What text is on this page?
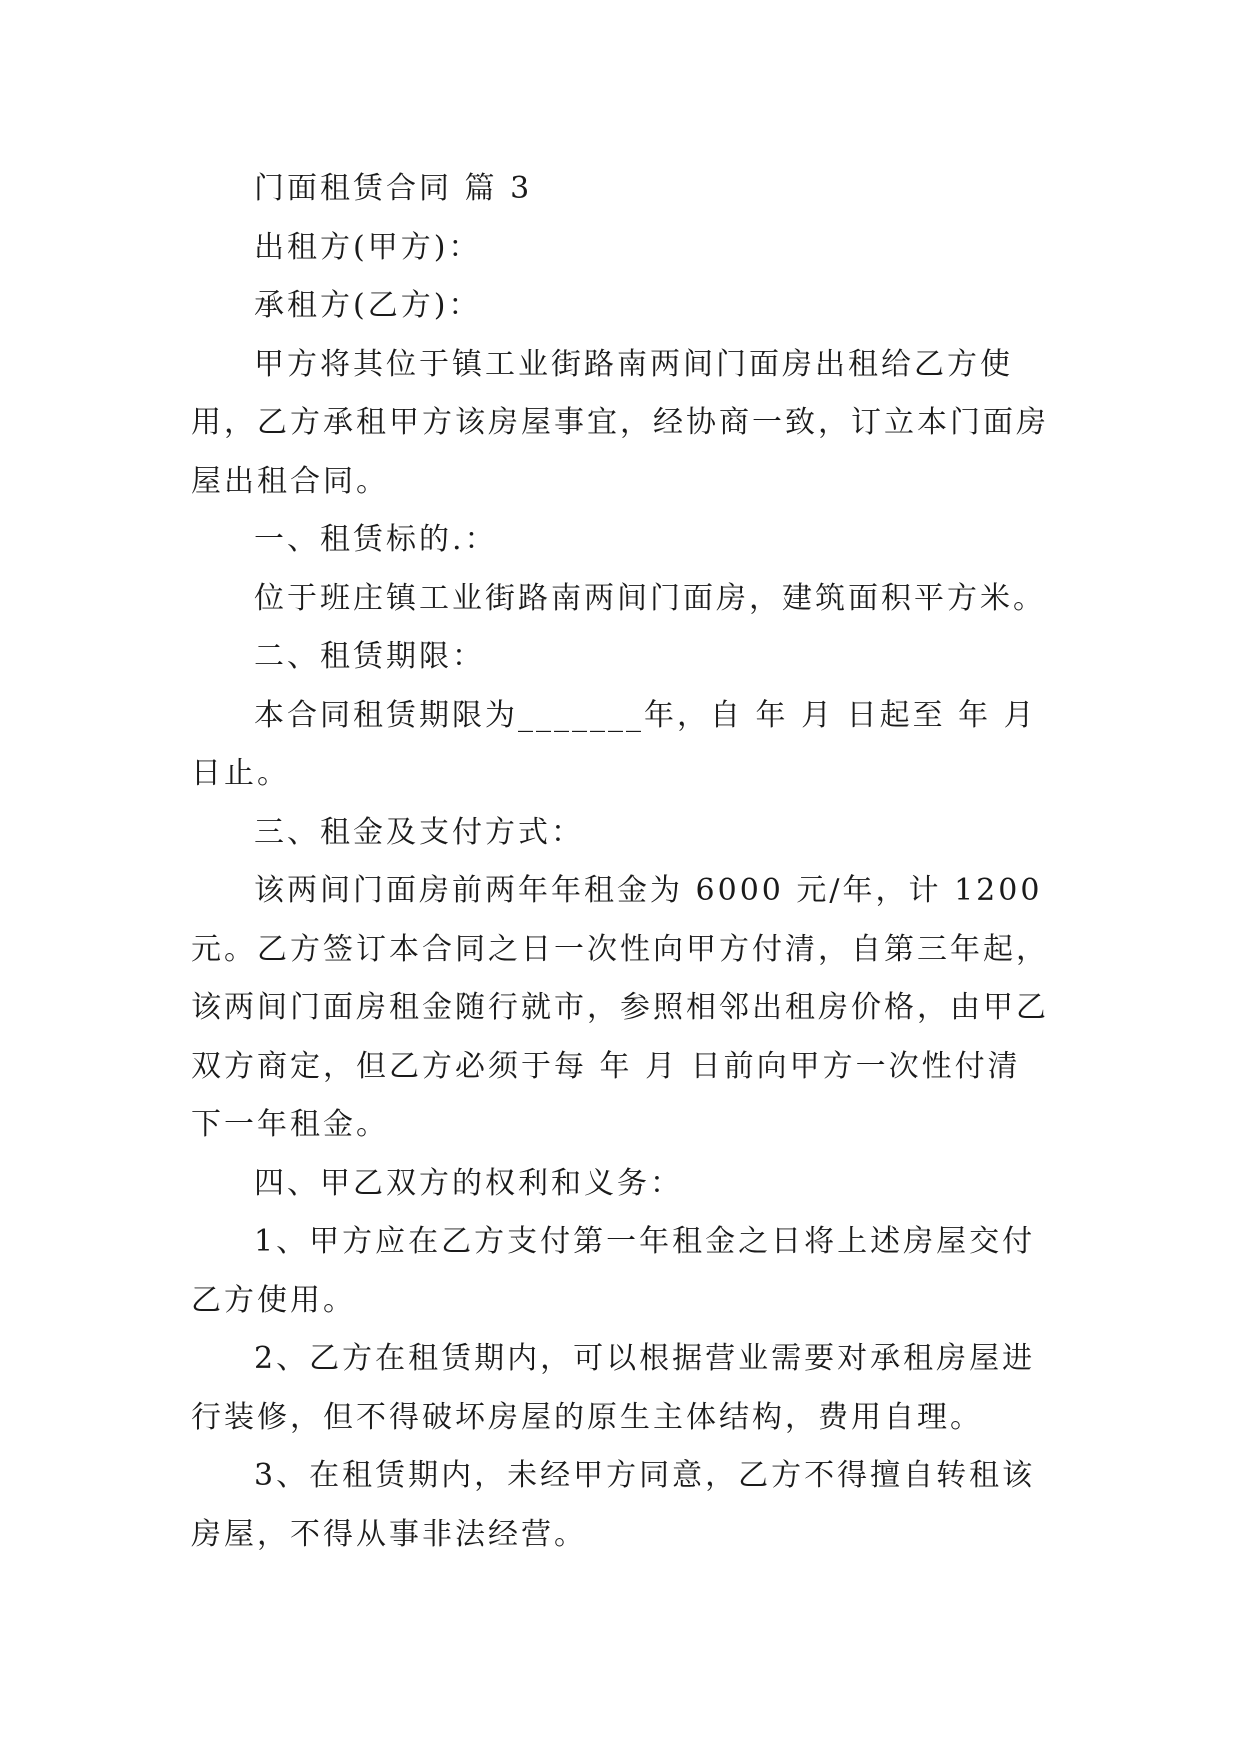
门面租赁合同 篇 3

出租方(甲方)：

承租方(乙方)：

甲方将其位于镇工业街路南两间门面房出租给乙方使用，乙方承租甲方该房屋事宜，经协商一致，订立本门面房屋出租合同。

一、租赁标的.：

位于班庄镇工业街路南两间门面房，建筑面积平方米。

二、租赁期限：

本合同租赁期限为_______年，自 年 月 日起至 年 月日止。

三、租金及支付方式：

该两间门面房前两年年租金为 6000 元/年，计 1200 元。乙方签订本合同之日一次性向甲方付清，自第三年起，该两间门面房租金随行就市，参照相邻出租房价格，由甲乙双方商定，但乙方必须于每 年 月 日前向甲方一次性付清下一年租金。

四、甲乙双方的权利和义务：

1、甲方应在乙方支付第一年租金之日将上述房屋交付乙方使用。

2、乙方在租赁期内，可以根据营业需要对承租房屋进行装修，但不得破坏房屋的原生主体结构，费用自理。

3、在租赁期内，未经甲方同意，乙方不得擅自转租该房屋，不得从事非法经营。
